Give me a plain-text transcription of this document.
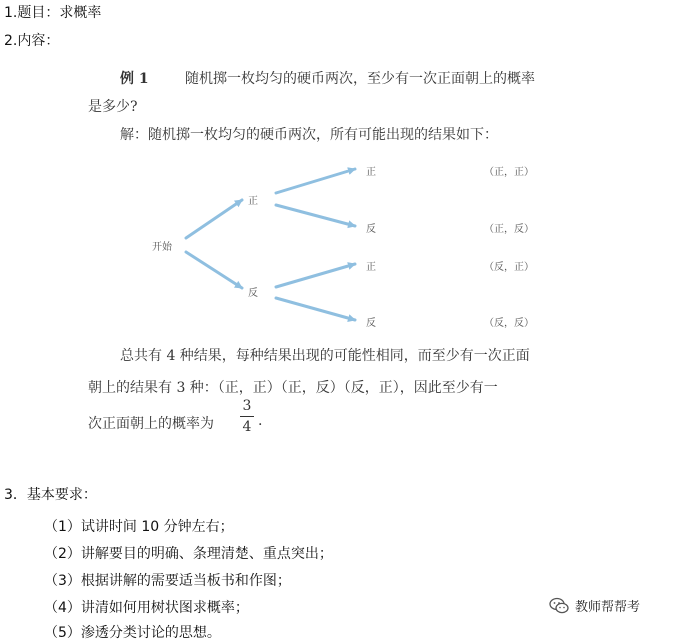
1.题目：求概率
2.内容：
例 1	随机掷一枚均匀的硬币两次，至少有一次正面朝上的概率
是多少?
解：随机掷一枚均匀的硬币两次，所有可能出现的结果如下：
开始
正
反
正
反
正
反
（正，正）
（正，反）
（反，正）
（反，反）
总共有 4 种结果，每种结果出现的可能性相同，而至少有一次正面
朝上的结果有 3 种：（正，正）（正，反）（反，正），因此至少有一
次正面朝上的概率为
3
4 .
3．基本要求：
（1）试讲时间 10 分钟左右；
（2）讲解要目的明确、条理清楚、重点突出；
（3）根据讲解的需要适当板书和作图；
（4）讲清如何用树状图求概率；
（5）渗透分类讨论的思想。
教师帮帮考
